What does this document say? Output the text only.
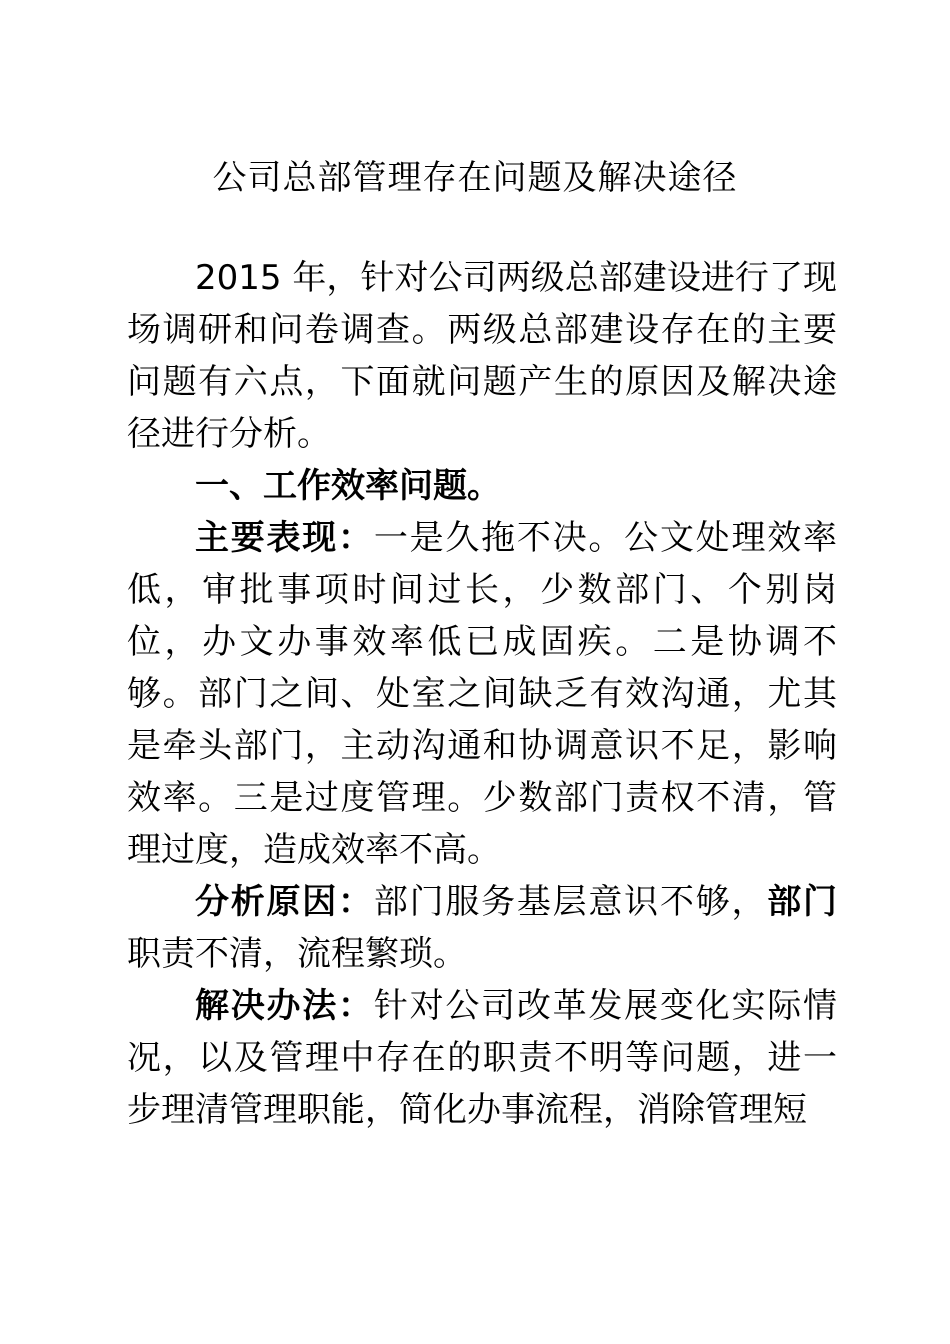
公司总部管理存在问题及解决途径

2015 年，针对公司两级总部建设进行了现场调研和问卷调查。两级总部建设存在的主要问题有六点，下面就问题产生的原因及解决途径进行分析。

一、工作效率问题。

主要表现：一是久拖不决。公文处理效率低，审批事项时间过长，少数部门、个别岗位，办文办事效率低已成固疾。二是协调不够。部门之间、处室之间缺乏有效沟通，尤其是牵头部门，主动沟通和协调意识不足，影响效率。三是过度管理。少数部门责权不清，管理过度，造成效率不高。

分析原因：部门服务基层意识不够，部门职责不清，流程繁琐。

解决办法：针对公司改革发展变化实际情况，以及管理中存在的职责不明等问题，进一步理清管理职能，简化办事流程，消除管理短
